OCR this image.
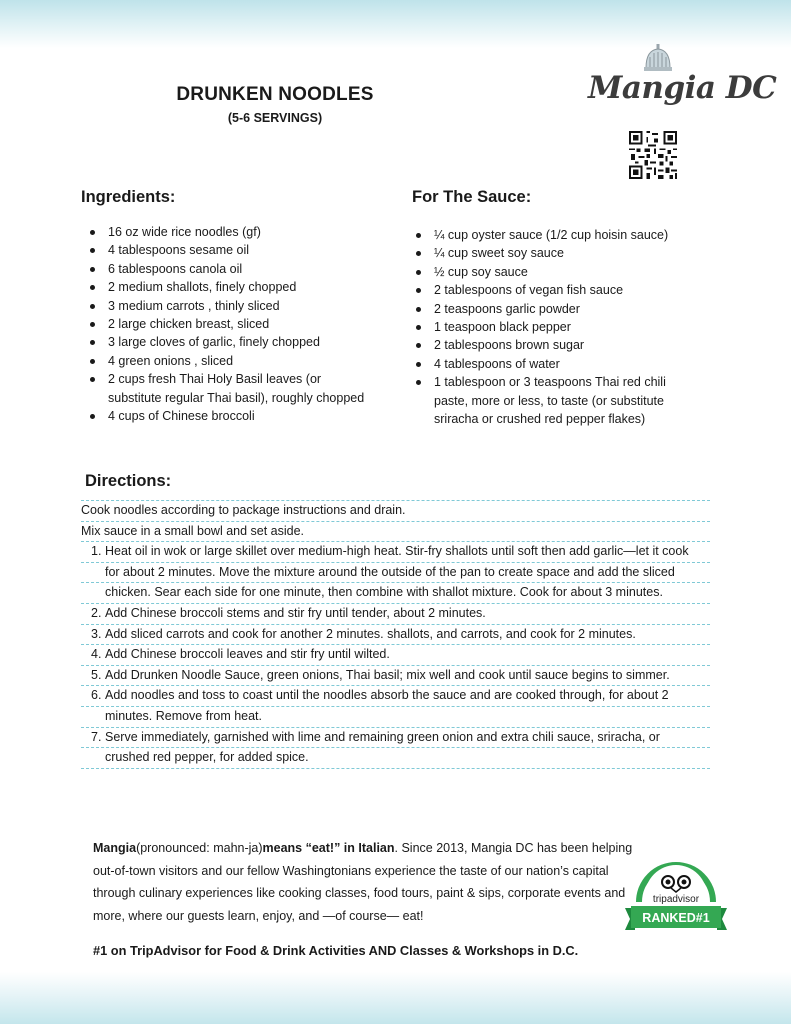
DRUNKEN NOODLES
(5-6 SERVINGS)
Mangia DC
Ingredients:
16 oz wide rice noodles (gf)
4 tablespoons sesame oil
6 tablespoons canola oil
2 medium shallots, finely chopped
3 medium carrots , thinly sliced
2 large chicken breast, sliced
3 large cloves of garlic, finely chopped
4 green onions , sliced
2 cups fresh Thai Holy Basil leaves (or substitute regular Thai basil), roughly chopped
4 cups of Chinese broccoli
For The Sauce:
¼ cup oyster sauce (1/2 cup hoisin sauce)
¼ cup sweet soy sauce
½ cup soy sauce
2 tablespoons of vegan fish sauce
2 teaspoons garlic powder
1 teaspoon black pepper
2 tablespoons brown sugar
4 tablespoons of water
1 tablespoon or 3 teaspoons Thai red chili paste, more or less, to taste (or substitute sriracha or crushed red pepper flakes)
Directions:
Cook noodles according to package instructions and drain.
Mix sauce in a small bowl and set aside.
1. Heat oil in wok or large skillet over medium-high heat. Stir-fry shallots until soft then add garlic—let it cook
for about 2 minutes. Move the mixture around the outside of the pan to create space and add the sliced
chicken. Sear each side for one minute, then combine with shallot mixture. Cook for about 3 minutes.
2. Add Chinese broccoli stems and stir fry until tender, about 2 minutes.
3. Add sliced carrots and cook for another 2 minutes. shallots, and carrots, and cook for 2 minutes.
4. Add Chinese broccoli leaves and stir fry until wilted.
5. Add Drunken Noodle Sauce, green onions, Thai basil; mix well and cook until sauce begins to simmer.
6. Add noodles and toss to coast until the noodles absorb the sauce and are cooked through, for about 2
minutes. Remove from heat.
7. Serve immediately, garnished with lime and remaining green onion and extra chili sauce, sriracha, or
crushed red pepper, for added spice.
Mangia(pronounced: mahn-ja)means “eat!” in Italian. Since 2013, Mangia DC has been helping out-of-town visitors and our fellow Washingtonians experience the taste of our nation’s capital through culinary experiences like cooking classes, food tours, paint & sips, corporate events and more, where our guests learn, enjoy, and —of course— eat!
#1 on TripAdvisor for Food & Drink Activities AND Classes & Workshops in D.C.
tripadvisor
RANKED#1
